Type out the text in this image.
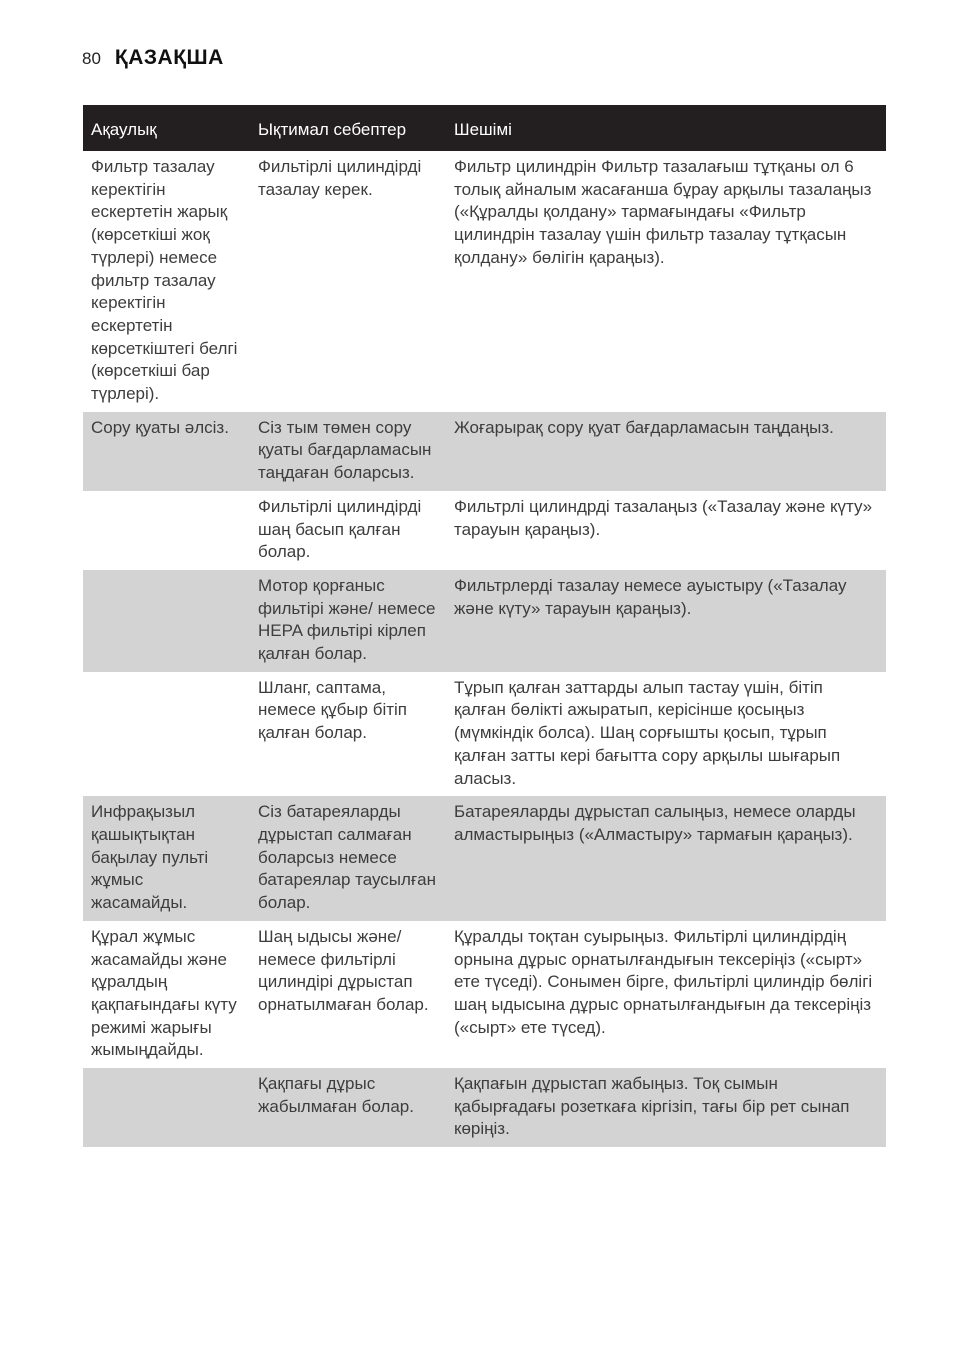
80 ҚАЗАҚША
Ақаулық	Ықтимал себептер	Шешімі
Фильтр тазалау керектігін ескертетін жарық (көрсеткіші жоқ түрлері) немесе фильтр тазалау керектігін ескертетін көрсеткіштегі белгі (көрсеткіші бар түрлері).	Фильтірлі цилиндірді тазалау керек.	Фильтр цилиндрін Фильтр тазалағыш тұтқаны ол 6 толық айналым жасағанша бұрау арқылы тазалаңыз («Құралды қолдану» тармағындағы «Фильтр цилиндрін тазалау үшін фильтр тазалау тұтқасын қолдану» бөлігін қараңыз).
Сору қуаты әлсіз.	Сіз тым төмен сору қуаты бағдарламасын таңдаған боларсыз.	Жоғарырақ сору қуат бағдарламасын таңдаңыз.
	Фильтірлі цилиндірді шаң басып қалған болар.	Фильтрлі цилиндрді тазалаңыз («Тазалау және күту» тарауын қараңыз).
	Мотор қорғаныс фильтірі және/ немесе HEPA фильтірі кірлеп қалған болар.	Фильтрлерді тазалау немесе ауыстыру («Тазалау және күту» тарауын қараңыз).
	Шланг, саптама, немесе құбыр бітіп қалған болар.	Тұрып қалған заттарды алып тастау үшін, бітіп қалған бөлікті ажыратып, керісінше қосыңыз (мүмкіндік болса). Шаң сорғышты қосып, тұрып қалған затты кері бағытта сору арқылы шығарып аласыз.
Инфрақызыл қашықтықтан бақылау пульті жұмыс жасамайды.	Сіз батареяларды дұрыстап салмаған боларсыз немесе батареялар таусылған болар.	Батареяларды дұрыстап салыңыз, немесе оларды алмастырыңыз («Алмастыру» тармағын қараңыз).
Құрал жұмыс жасамайды және құралдың қақпағындағы күту режимі жарығы жымыңдайды.	Шаң ыдысы және/ немесе фильтірлі цилиндірі дұрыстап орнатылмаған болар.	Құралды тоқтан суырыңыз. Фильтірлі цилиндірдің орнына дұрыс орнатылғандығын тексеріңіз («сырт» ете түседі). Сонымен бірге, фильтірлі цилиндір бөлігі шаң ыдысына дұрыс орнатылғандығын да тексеріңіз («сырт» ете түсед).
	Қақпағы дұрыс жабылмаған болар.	Қақпағын дұрыстап жабыңыз. Тоқ сымын қабырғадағы розеткаға кіргізіп, тағы бір рет сынап көріңіз.
